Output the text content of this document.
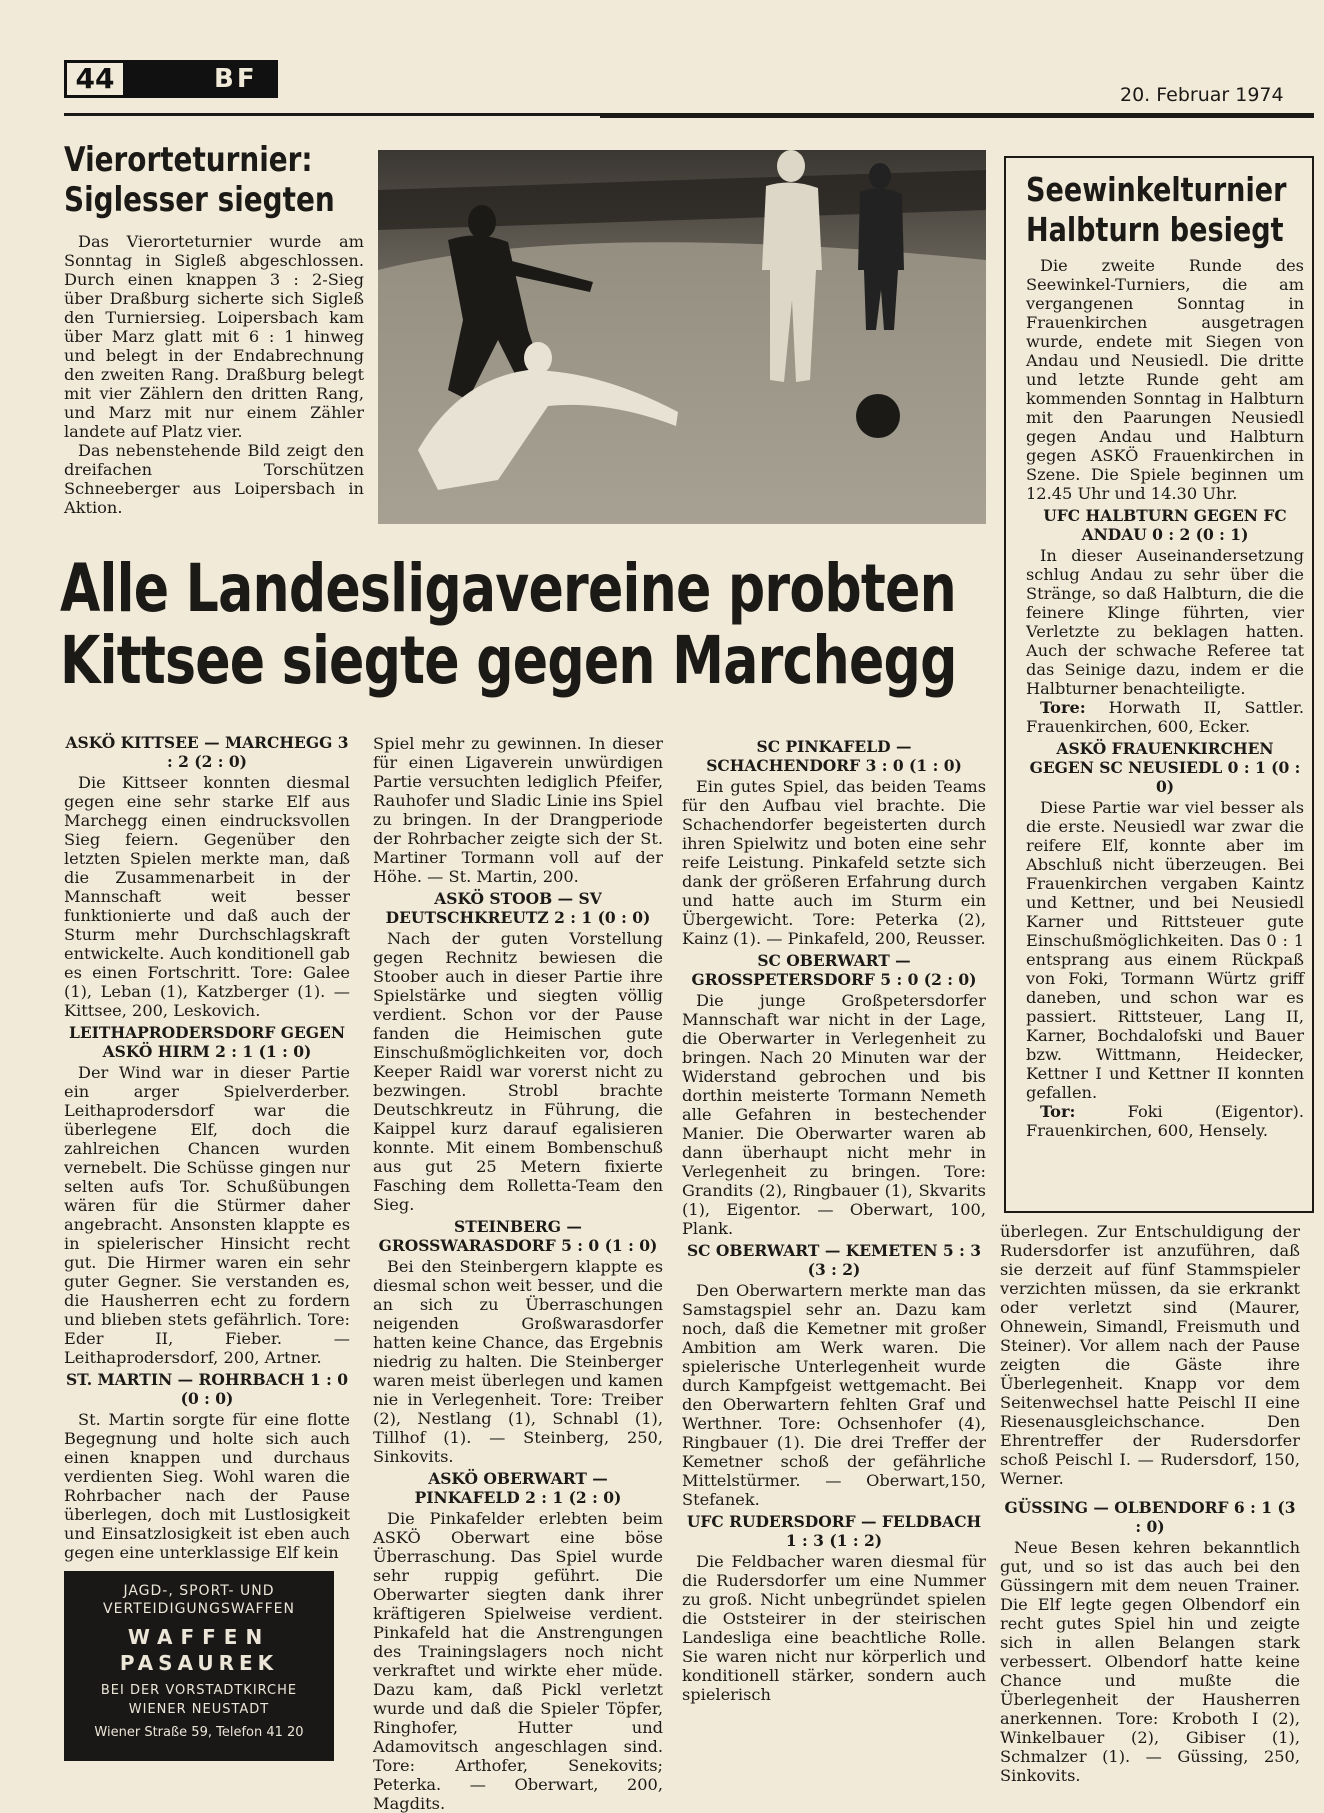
44	BF
20. Februar 1974
Vierorteturnier:
Siglesser siegten

Das Vierorteturnier wurde am Sonntag in Sigleß abgeschlossen. Durch einen knappen 3 : 2-Sieg über Draßburg sicherte sich Sigleß den Turniersieg. Loipersbach kam über Marz glatt mit 6 : 1 hinweg und belegt in der Endabrechnung den zweiten Rang. Draßburg belegt mit vier Zählern den dritten Rang, und Marz mit nur einem Zähler landete auf Platz vier.

Das nebenstehende Bild zeigt den dreifachen Torschützen Schneeberger aus Loipersbach in Aktion.

Seewinkelturnier
Halbturn besiegt

Die zweite Runde des Seewinkel-Turniers, die am vergangenen Sonntag in Frauenkirchen ausgetragen wurde, endete mit Siegen von Andau und Neusiedl. Die dritte und letzte Runde geht am kommenden Sonntag in Halbturn mit den Paarungen Neusiedl gegen Andau und Halbturn gegen ASKÖ Frauenkirchen in Szene. Die Spiele beginnen um 12.45 Uhr und 14.30 Uhr.

UFC HALBTURN GEGEN FC ANDAU 0 : 2 (0 : 1)

In dieser Auseinandersetzung schlug Andau zu sehr über die Stränge, so daß Halbturn, die die feinere Klinge führten, vier Verletzte zu beklagen hatten. Auch der schwache Referee tat das Seinige dazu, indem er die Halbturner benachteiligte.

Tore: Horwath II, Sattler. Frauenkirchen, 600, Ecker.

ASKÖ FRAUENKIRCHEN GEGEN SC NEUSIEDL 0 : 1 (0 : 0)

Diese Partie war viel besser als die erste. Neusiedl war zwar die reifere Elf, konnte aber im Abschluß nicht überzeugen. Bei Frauenkirchen vergaben Kaintz und Kettner, und bei Neusiedl Karner und Rittsteuer gute Einschußmöglichkeiten. Das 0 : 1 entsprang aus einem Rückpaß von Foki, Tormann Würtz griff daneben, und schon war es passiert. Rittsteuer, Lang II, Karner, Bochdalofski und Bauer bzw. Wittmann, Heidecker, Kettner I und Kettner II konnten gefallen.

Tor:	Foki (Eigentor). Frauenkirchen, 600, Hensely.

Alle Landesligavereine probten
Kittsee siegte gegen Marchegg
ASKÖ KITTSEE — MARCHEGG 3 : 2 (2 : 0)

Die Kittseer konnten diesmal gegen eine sehr starke Elf aus Marchegg einen eindrucksvollen Sieg feiern. Gegenüber den letzten Spielen merkte man, daß die Zusammenarbeit in der Mannschaft weit besser funktionierte und daß auch der Sturm mehr Durchschlagskraft entwickelte. Auch konditionell gab es einen Fortschritt. Tore: Galee (1), Leban (1), Katzberger (1). — Kittsee, 200, Leskovich.

LEITHAPRODERSDORF GEGEN ASKÖ HIRM 2 : 1 (1 : 0)

Der Wind war in dieser Partie ein arger Spielverderber. Leithaprodersdorf war die überlegene Elf, doch die zahlreichen Chancen wurden vernebelt. Die Schüsse gingen nur selten aufs Tor. Schußübungen wären für die Stürmer daher angebracht. Ansonsten klappte es in spielerischer Hinsicht recht gut. Die Hirmer waren ein sehr guter Gegner. Sie verstanden es, die Hausherren echt zu fordern und blieben stets gefährlich. Tore: Eder II, Fieber. — Leithaprodersdorf, 200, Artner.

ST. MARTIN — ROHRBACH 1 : 0 (0 : 0)

St. Martin sorgte für eine flotte Begegnung und holte sich auch einen knappen und durchaus verdienten Sieg. Wohl waren die Rohrbacher nach der Pause überlegen, doch mit Lustlosigkeit und Einsatzlosigkeit ist eben auch gegen eine unterklassige Elf kein

JAGD-, SPORT- UND
VERTEIDIGUNGSWAFFEN
WAFFEN
PASAUREK
BEI DER VORSTADTKIRCHE
WIENER NEUSTADT
Wiener Straße 59, Telefon 41 20

Spiel mehr zu gewinnen. In dieser für einen Ligaverein unwürdigen Partie versuchten lediglich Pfeifer, Rauhofer und Sladic Linie ins Spiel zu bringen. In der Drangperiode der Rohrbacher zeigte sich der St. Martiner Tormann voll auf der Höhe. — St. Martin, 200.

ASKÖ STOOB — SV DEUTSCHKREUTZ 2 : 1 (0 : 0)

Nach der guten Vorstellung gegen Rechnitz bewiesen die Stoober auch in dieser Partie ihre Spielstärke und siegten völlig verdient. Schon vor der Pause fanden die Heimischen gute Einschußmöglichkeiten vor, doch Keeper Raidl war vorerst nicht zu bezwingen. Strobl brachte Deutschkreutz in Führung, die Kaippel kurz darauf egalisieren konnte. Mit einem Bombenschuß aus gut 25 Metern fixierte Fasching dem Rolletta-Team den Sieg.

STEINBERG — GROSSWARASDORF 5 : 0 (1 : 0)

Bei den Steinbergern klappte es diesmal schon weit besser, und die an sich zu Überraschungen neigenden Großwarasdorfer hatten keine Chance, das Ergebnis niedrig zu halten. Die Steinberger waren meist überlegen und kamen nie in Verlegenheit. Tore: Treiber (2), Nestlang (1), Schnabl (1), Tillhof (1). — Steinberg, 250, Sinkovits.

ASKÖ OBERWART — PINKAFELD 2 : 1 (2 : 0)

Die Pinkafelder erlebten beim ASKÖ Oberwart eine böse Überraschung. Das Spiel wurde sehr ruppig geführt. Die Oberwarter siegten dank ihrer kräftigeren Spielweise verdient. Pinkafeld hat die Anstrengungen des Trainingslagers noch nicht verkraftet und wirkte eher müde. Dazu kam, daß Pickl verletzt wurde und daß die Spieler Töpfer, Ringhofer, Hutter und Adamovitsch angeschlagen sind. Tore: Arthofer, Senekovits; Peterka. — Oberwart, 200, Magdits.

SC PINKAFELD — SCHACHENDORF 3 : 0 (1 : 0)

Ein gutes Spiel, das beiden Teams für den Aufbau viel brachte. Die Schachendorfer begeisterten durch ihren Spielwitz und boten eine sehr reife Leistung. Pinkafeld setzte sich dank der größeren Erfahrung durch und hatte auch im Sturm ein Übergewicht. Tore: Peterka (2), Kainz (1). — Pinkafeld, 200, Reusser.

SC OBERWART — GROSSPETERSDORF 5 : 0 (2 : 0)

Die junge Großpetersdorfer Mannschaft war nicht in der Lage, die Oberwarter in Verlegenheit zu bringen. Nach 20 Minuten war der Widerstand gebrochen und bis dorthin meisterte Tormann Nemeth alle Gefahren in bestechender Manier. Die Oberwarter waren ab dann überhaupt nicht mehr in Verlegenheit zu bringen. Tore: Grandits (2), Ringbauer (1), Skvarits (1), Eigentor. — Oberwart, 100, Plank.

SC OBERWART — KEMETEN 5 : 3 (3 : 2)

Den Oberwartern merkte man das Samstagspiel sehr an. Dazu kam noch, daß die Kemetner mit großer Ambition am Werk waren. Die spielerische Unterlegenheit wurde durch Kampfgeist wettgemacht. Bei den Oberwartern fehlten Graf und Werthner. Tore: Ochsenhofer (4), Ringbauer (1). Die drei Treffer der Kemetner schoß der gefährliche Mittelstürmer. — Oberwart,150, Stefanek.

UFC RUDERSDORF — FELDBACH 1 : 3 (1 : 2)

Die Feldbacher waren diesmal für die Rudersdorfer um eine Nummer zu groß. Nicht unbegründet spielen die Oststeirer in der steirischen Landesliga eine beachtliche Rolle. Sie waren nicht nur körperlich und konditionell stärker, sondern auch spielerisch

überlegen. Zur Entschuldigung der Rudersdorfer ist anzuführen, daß sie derzeit auf fünf Stammspieler verzichten müssen, da sie erkrankt oder verletzt sind (Maurer, Ohnewein, Simandl, Freismuth und Steiner). Vor allem nach der Pause zeigten die Gäste ihre Überlegenheit. Knapp vor dem Seitenwechsel hatte Peischl II eine Riesenausgleichschance. Den Ehrentreffer der Rudersdorfer schoß Peischl I. — Rudersdorf, 150, Werner.

GÜSSING — OLBENDORF 6 : 1 (3 : 0)

Neue Besen kehren bekanntlich gut, und so ist das auch bei den Güssingern mit dem neuen Trainer. Die Elf legte gegen Olbendorf ein recht gutes Spiel hin und zeigte sich in allen Belangen stark verbessert. Olbendorf hatte keine Chance und mußte die Überlegenheit der Hausherren anerkennen. Tore: Kroboth I (2), Winkelbauer (2), Gibiser (1), Schmalzer (1). — Güssing, 250, Sinkovits.
